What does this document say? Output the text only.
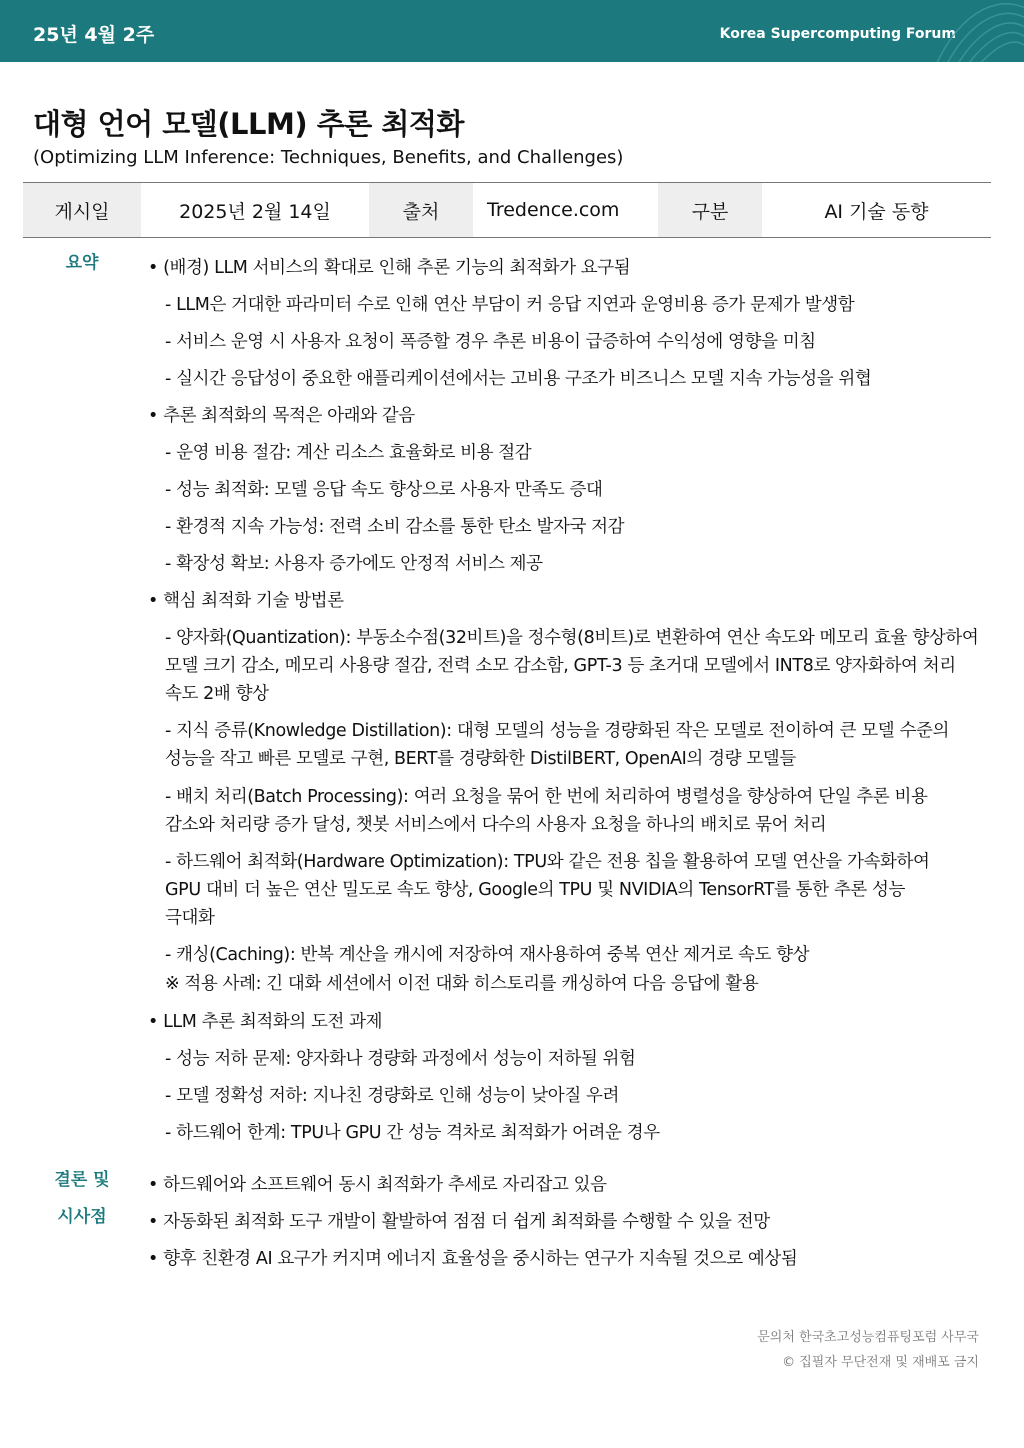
25년 4월 2주	Korea Supercomputing Forum
대형 언어 모델(LLM) 추론 최적화
(Optimizing LLM Inference: Techniques, Benefits, and Challenges)
게시일	2025년 2월 14일	출처	Tredence.com	구분	AI 기술 동향
요약	• (배경) LLM 서비스의 확대로 인해 추론 기능의 최적화가 요구됨
- LLM은 거대한 파라미터 수로 인해 연산 부담이 커 응답 지연과 운영비용 증가 문제가 발생함
- 서비스 운영 시 사용자 요청이 폭증할 경우 추론 비용이 급증하여 수익성에 영향을 미침
- 실시간 응답성이 중요한 애플리케이션에서는 고비용 구조가 비즈니스 모델 지속 가능성을 위협
• 추론 최적화의 목적은 아래와 같음
- 운영 비용 절감: 계산 리소스 효율화로 비용 절감
- 성능 최적화: 모델 응답 속도 향상으로 사용자 만족도 증대
- 환경적 지속 가능성: 전력 소비 감소를 통한 탄소 발자국 저감
- 확장성 확보: 사용자 증가에도 안정적 서비스 제공
• 핵심 최적화 기술 방법론
- 양자화(Quantization): 부동소수점(32비트)을 정수형(8비트)로 변환하여 연산 속도와 메모리 효율 향상하여
모델 크기 감소, 메모리 사용량 절감, 전력 소모 감소함, GPT-3 등 초거대 모델에서 INT8로 양자화하여 처리
속도 2배 향상
- 지식 증류(Knowledge Distillation): 대형 모델의 성능을 경량화된 작은 모델로 전이하여 큰 모델 수준의
성능을 작고 빠른 모델로 구현, BERT를 경량화한 DistilBERT, OpenAI의 경량 모델들
- 배치 처리(Batch Processing): 여러 요청을 묶어 한 번에 처리하여 병렬성을 향상하여 단일 추론 비용
감소와 처리량 증가 달성, 챗봇 서비스에서 다수의 사용자 요청을 하나의 배치로 묶어 처리
- 하드웨어 최적화(Hardware Optimization): TPU와 같은 전용 칩을 활용하여 모델 연산을 가속화하여
GPU 대비 더 높은 연산 밀도로 속도 향상, Google의 TPU 및 NVIDIA의 TensorRT를 통한 추론 성능
극대화
- 캐싱(Caching): 반복 계산을 캐시에 저장하여 재사용하여 중복 연산 제거로 속도 향상
※ 적용 사례: 긴 대화 세션에서 이전 대화 히스토리를 캐싱하여 다음 응답에 활용
• LLM 추론 최적화의 도전 과제
- 성능 저하 문제: 양자화나 경량화 과정에서 성능이 저하될 위험
- 모델 정확성 저하: 지나친 경량화로 인해 성능이 낮아질 우려
- 하드웨어 한계: TPU나 GPU 간 성능 격차로 최적화가 어려운 경우
결론 및
시사점
• 하드웨어와 소프트웨어 동시 최적화가 추세로 자리잡고 있음
• 자동화된 최적화 도구 개발이 활발하여 점점 더 쉽게 최적화를 수행할 수 있을 전망
• 향후 친환경 AI 요구가 커지며 에너지 효율성을 중시하는 연구가 지속될 것으로 예상됨
문의처 한국초고성능컴퓨팅포럼 사무국
© 집필자 무단전재 및 재배포 금지
